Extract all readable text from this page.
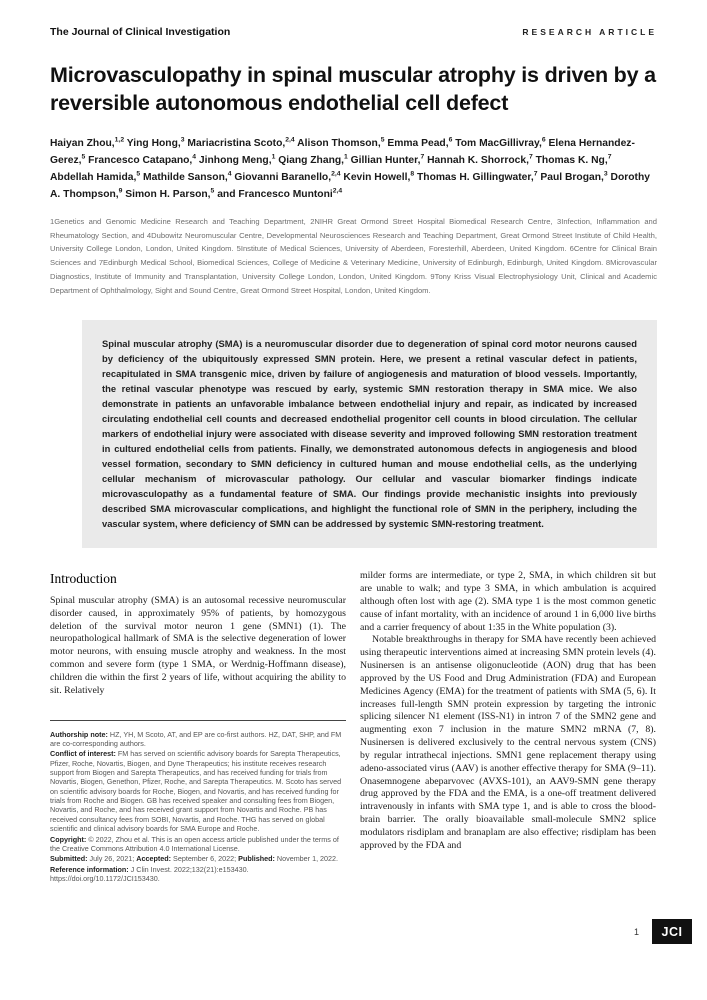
The Journal of Clinical Investigation	RESEARCH ARTICLE
Microvasculopathy in spinal muscular atrophy is driven by a reversible autonomous endothelial cell defect
Haiyan Zhou,$^{1,2}$ Ying Hong,$^3$ Mariacristina Scoto,$^{2,4}$ Alison Thomson,$^5$ Emma Pead,$^6$ Tom MacGillivray,$^6$ Elena Hernandez-Gerez,$^5$ Francesco Catapano,$^4$ Jinhong Meng,$^1$ Qiang Zhang,$^1$ Gillian Hunter,$^7$ Hannah K. Shorrock,$^7$ Thomas K. Ng,$^7$ Abdellah Hamida,$^5$ Mathilde Sanson,$^4$ Giovanni Baranello,$^{2,4}$ Kevin Howell,$^8$ Thomas H. Gillingwater,$^7$ Paul Brogan,$^3$ Dorothy A. Thompson,$^9$ Simon H. Parson,$^5$ and Francesco Muntoni$^{2,4}$
1Genetics and Genomic Medicine Research and Teaching Department, 2NIHR Great Ormond Street Hospital Biomedical Research Centre, 3Infection, Inflammation and Rheumatology Section, and 4Dubowitz Neuromuscular Centre, Developmental Neurosciences Research and Teaching Department, Great Ormond Street Institute of Child Health, University College London, London, United Kingdom. 5Institute of Medical Sciences, University of Aberdeen, Foresterhill, Aberdeen, United Kingdom. 6Centre for Clinical Brain Sciences and 7Edinburgh Medical School, Biomedical Sciences, College of Medicine & Veterinary Medicine, University of Edinburgh, Edinburgh, United Kingdom. 8Microvascular Diagnostics, Institute of Immunity and Transplantation, University College London, London, United Kingdom. 9Tony Kriss Visual Electrophysiology Unit, Clinical and Academic Department of Ophthalmology, Sight and Sound Centre, Great Ormond Street Hospital, London, United Kingdom.
Spinal muscular atrophy (SMA) is a neuromuscular disorder due to degeneration of spinal cord motor neurons caused by deficiency of the ubiquitously expressed SMN protein. Here, we present a retinal vascular defect in patients, recapitulated in SMA transgenic mice, driven by failure of angiogenesis and maturation of blood vessels. Importantly, the retinal vascular phenotype was rescued by early, systemic SMN restoration therapy in SMA mice. We also demonstrate in patients an unfavorable imbalance between endothelial injury and repair, as indicated by increased circulating endothelial cell counts and decreased endothelial progenitor cell counts in blood circulation. The cellular markers of endothelial injury were associated with disease severity and improved following SMN restoration treatment in cultured endothelial cells from patients. Finally, we demonstrated autonomous defects in angiogenesis and blood vessel formation, secondary to SMN deficiency in cultured human and mouse endothelial cells, as the underlying cellular mechanism of microvascular pathology. Our cellular and vascular biomarker findings indicate microvasculopathy as a fundamental feature of SMA. Our findings provide mechanistic insights into previously described SMA microvascular complications, and highlight the functional role of SMN in the periphery, including the vascular system, where deficiency of SMN can be addressed by systemic SMN-restoring treatment.
Introduction

Spinal muscular atrophy (SMA) is an autosomal recessive neuromuscular disorder caused, in approximately 95% of patients, by homozygous deletion of the survival motor neuron 1 gene (SMN1) (1). The neuropathological hallmark of SMA is the selective degeneration of lower motor neurons, with ensuing muscle atrophy and weakness. In the most common and severe form (type 1 SMA, or Werdnig-Hoffmann disease), children die within the first 2 years of life, without acquiring the ability to sit. Relatively

Authorship note: HZ, YH, M Scoto, AT, and EP are co-first authors. HZ, DAT, SHP, and FM are co-corresponding authors.
Conflict of interest: FM has served on scientific advisory boards for Sarepta Therapeutics, Pfizer, Roche, Novartis, Biogen, and Dyne Therapeutics; his institute receives research support from Biogen and Sarepta Therapeutics, and has received funding for trials from Novartis, Biogen, Genethon, Pfizer, Roche, and Sarepta Therapeutics. M. Scoto has served on scientific advisory boards for Roche, Biogen, and Novartis, and has received funding for trials from Roche and Biogen. GB has received speaker and consulting fees from Biogen, Novartis, and Roche, and has received grant support from Novartis and Roche. PB has received consultancy fees from SOBI, Novartis, and Roche. THG has served on global scientific and clinical advisory boards for SMA Europe and Roche.
Copyright: © 2022, Zhou et al. This is an open access article published under the terms of the Creative Commons Attribution 4.0 International License.
Submitted: July 26, 2021; Accepted: September 6, 2022; Published: November 1, 2022.
Reference information: J Clin Invest. 2022;132(21):e153430. https://doi.org/10.1172/JCI153430.

milder forms are intermediate, or type 2, SMA, in which children sit but are unable to walk; and type 3 SMA, in which ambulation is acquired although often lost with age (2). SMA type 1 is the most common genetic cause of infant mortality, with an incidence of around 1 in 6,000 live births and a carrier frequency of about 1:35 in the White population (3).

Notable breakthroughs in therapy for SMA have recently been achieved using therapeutic interventions aimed at increasing SMN protein levels (4). Nusinersen is an antisense oligonucleotide (AON) drug that has been approved by the US Food and Drug Administration (FDA) and European Medicines Agency (EMA) for the treatment of patients with SMA (5, 6). It increases full-length SMN protein expression by targeting the intronic splicing silencer N1 element (ISS-N1) in intron 7 of the SMN2 gene and augmenting exon 7 inclusion in the mature SMN2 mRNA (7, 8). Nusinersen is delivered exclusively to the central nervous system (CNS) by regular intrathecal injections. SMN1 gene replacement therapy using adeno-associated virus (AAV) is another effective therapy for SMA (9–11). Onasemnogene abeparvovec (AVXS-101), an AAV9-SMN gene therapy drug approved by the FDA and the EMA, is a one-off treatment delivered intravenously in infants with SMA type 1, and is able to cross the blood-brain barrier. The orally bioavailable small-molecule SMN2 splice modulators risdiplam and branaplam are also effective; risdiplam has been approved by the FDA and

1	JCI
